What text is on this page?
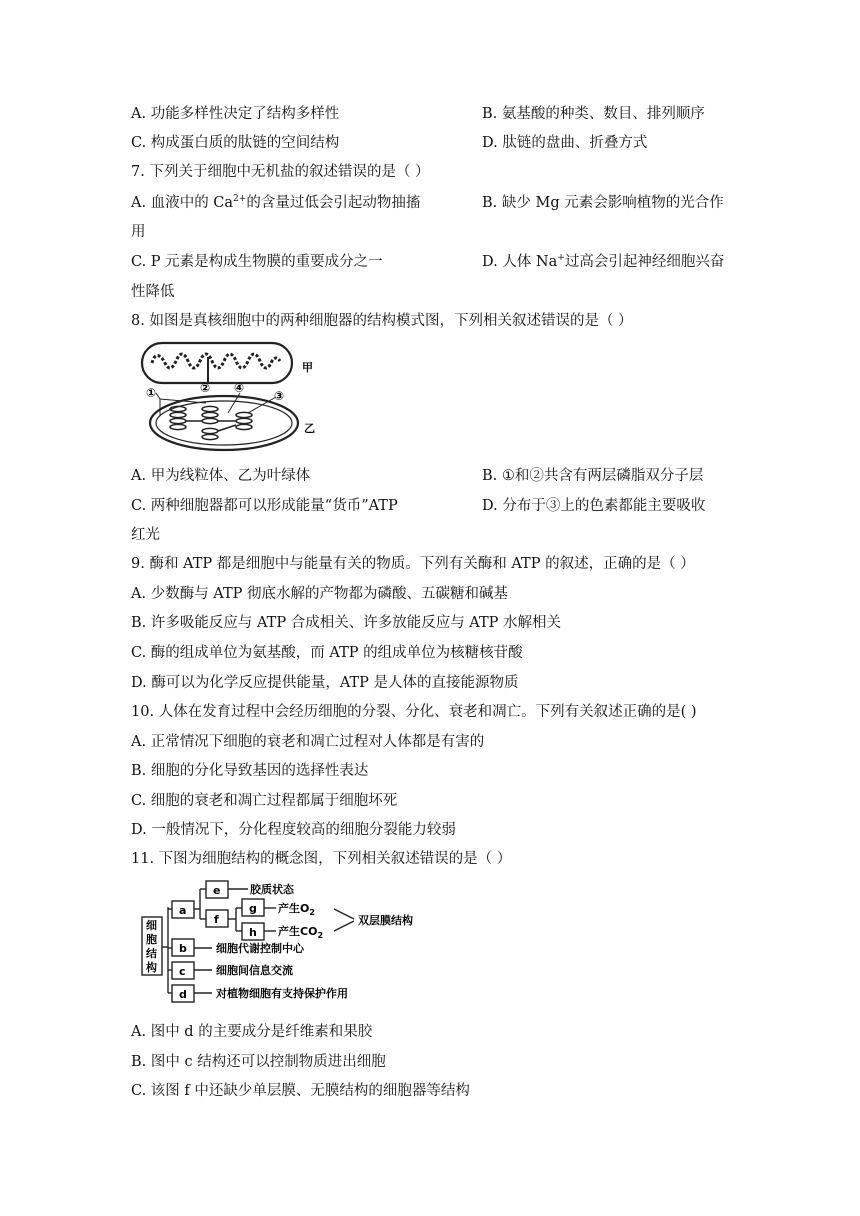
A. 功能多样性决定了结构多样性	B. 氨基酸的种类、数目、排列顺序
C. 构成蛋白质的肽链的空间结构	D. 肽链的盘曲、折叠方式
7. 下列关于细胞中无机盐的叙述错误的是（ ）
A. 血液中的 $Ca^{2+}$的含量过低会引起动物抽搐	B. 缺少 Mg 元素会影响植物的光合作
用
C. P 元素是构成生物膜的重要成分之一	D. 人体 Na+过高会引起神经细胞兴奋
性降低
8. 如图是真核细胞中的两种细胞器的结构模式图，下列相关叙述错误的是（ ）
甲
乙
①	② ④
③
A. 甲为线粒体、乙为叶绿体	B. ①和②共含有两层磷脂双分子层
C. 两种细胞器都可以形成能量“货币”ATP	D. 分布于③上的色素都能主要吸收
红光
9. 酶和 ATP 都是细胞中与能量有关的物质。下列有关酶和 ATP 的叙述，正确的是（ ）
A. 少数酶与 ATP 彻底水解的产物都为磷酸、五碳糖和碱基
B. 许多吸能反应与 ATP 合成相关、许多放能反应与 ATP 水解相关
C. 酶的组成单位为氨基酸，而 ATP 的组成单位为核糖核苷酸
D. 酶可以为化学反应提供能量，ATP 是人体的直接能源物质
10. 人体在发育过程中会经历细胞的分裂、分化、衰老和凋亡。下列有关叙述正确的是( )
A. 正常情况下细胞的衰老和凋亡过程对人体都是有害的
B. 细胞的分化导致基因的选择性表达
C. 细胞的衰老和凋亡过程都属于细胞坏死
D. 一般情况下，分化程度较高的细胞分裂能力较弱
11. 下图为细胞结构的概念图，下列相关叙述错误的是（ ）
细
胞
结
构
a
b
c
d
e
f
g
h
胶质状态
产生$O_2$
产生$CO_2$
双层膜结构
细胞代谢控制中心
细胞间信息交流
对植物细胞有支持保护作用
A. 图中 d 的主要成分是纤维素和果胶
B. 图中 c 结构还可以控制物质进出细胞
C. 该图 f 中还缺少单层膜、无膜结构的细胞器等结构
